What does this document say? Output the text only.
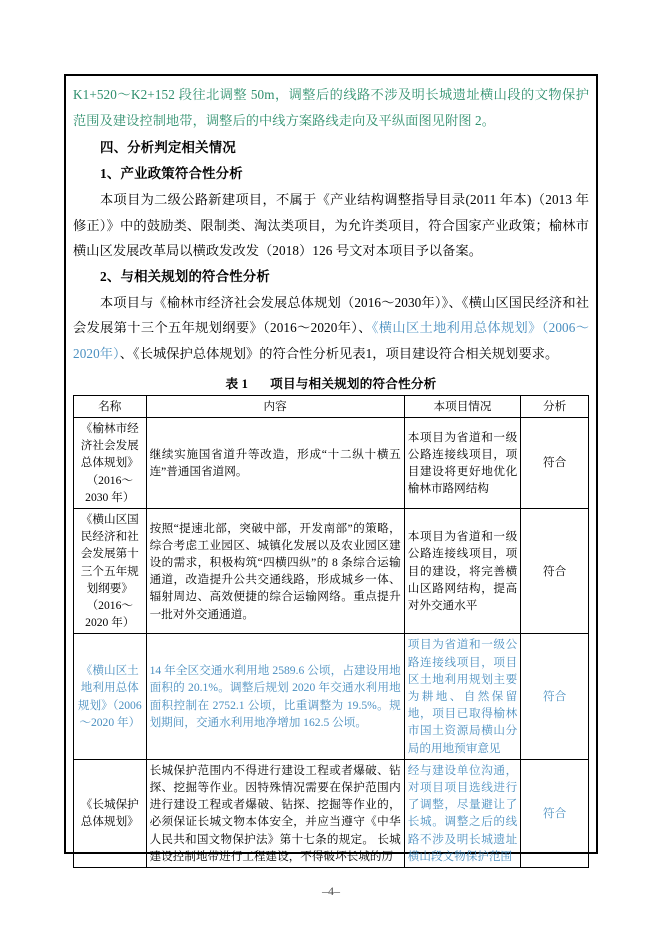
K1+520～K2+152 段往北调整 50m，调整后的线路不涉及明长城遗址横山段的文物保护范围及建设控制地带，调整后的中线方案路线走向及平纵面图见附图 2。

四、分析判定相关情况

1、产业政策符合性分析

本项目为二级公路新建项目，不属于《产业结构调整指导目录(2011 年本)（2013 年修正）》中的鼓励类、限制类、淘汰类项目，为允许类项目，符合国家产业政策；榆林市横山区发展改革局以横政发改发（2018）126 号文对本项目予以备案。

2、与相关规划的符合性分析

本项目与《榆林市经济社会发展总体规划（2016～2030年）》、《横山区国民经济和社会发展第十三个五年规划纲要》（2016～2020年）、《横山区土地利用总体规划》（2006～2020年）、《长城保护总体规划》的符合性分析见表1，项目建设符合相关规划要求。

表 1 项目与相关规划的符合性分析
名称	内容	本项目情况	分析
《榆林市经济社会发展总体规划》（2016～2030 年）	继续实施国省道升等改造，形成“十二纵十横五连”普通国省道网。	本项目为省道和一级公路连接线项目，项目建设将更好地优化榆林市路网结构	符合
《横山区国民经济和社会发展第十三个五年规划纲要》（2016～2020 年）	按照“提速北部，突破中部，开发南部”的策略，综合考虑工业园区、城镇化发展以及农业园区建设的需求，积极构筑“四横四纵”的 8 条综合运输通道，改造提升公共交通线路，形成城乡一体、辐射周边、高效便捷的综合运输网络。重点提升一批对外交通通道。	本项目为省道和一级公路连接线项目，项目的建设，将完善横山区路网结构，提高对外交通水平	符合
《横山区土地利用总体规划》（2006～2020 年）	14 年全区交通水利用地 2589.6 公顷，占建设用地面积的 20.1%。调整后规划 2020 年交通水利用地面积控制在 2752.1 公顷，比重调整为 19.5%。规划期间，交通水利用地净增加 162.5 公顷。	项目为省道和一级公路连接线项目，项目区土地利用规划主要为耕地、自然保留地，项目已取得榆林市国土资源局横山分局的用地预审意见	符合
《长城保护总体规划》	长城保护范围内不得进行建设工程或者爆破、钻探、挖掘等作业。因特殊情况需要在保护范围内进行建设工程或者爆破、钻探、挖掘等作业的，必须保证长城文物本体安全，并应当遵守《中华人民共和国文物保护法》第十七条的规定。 长城建设控制地带进行工程建设，不得破坏长城的历	经与建设单位沟通，对项目项目选线进行了调整，尽量避让了长城。调整之后的线路不涉及明长城遗址横山段文物保护范围	符合
–4–
